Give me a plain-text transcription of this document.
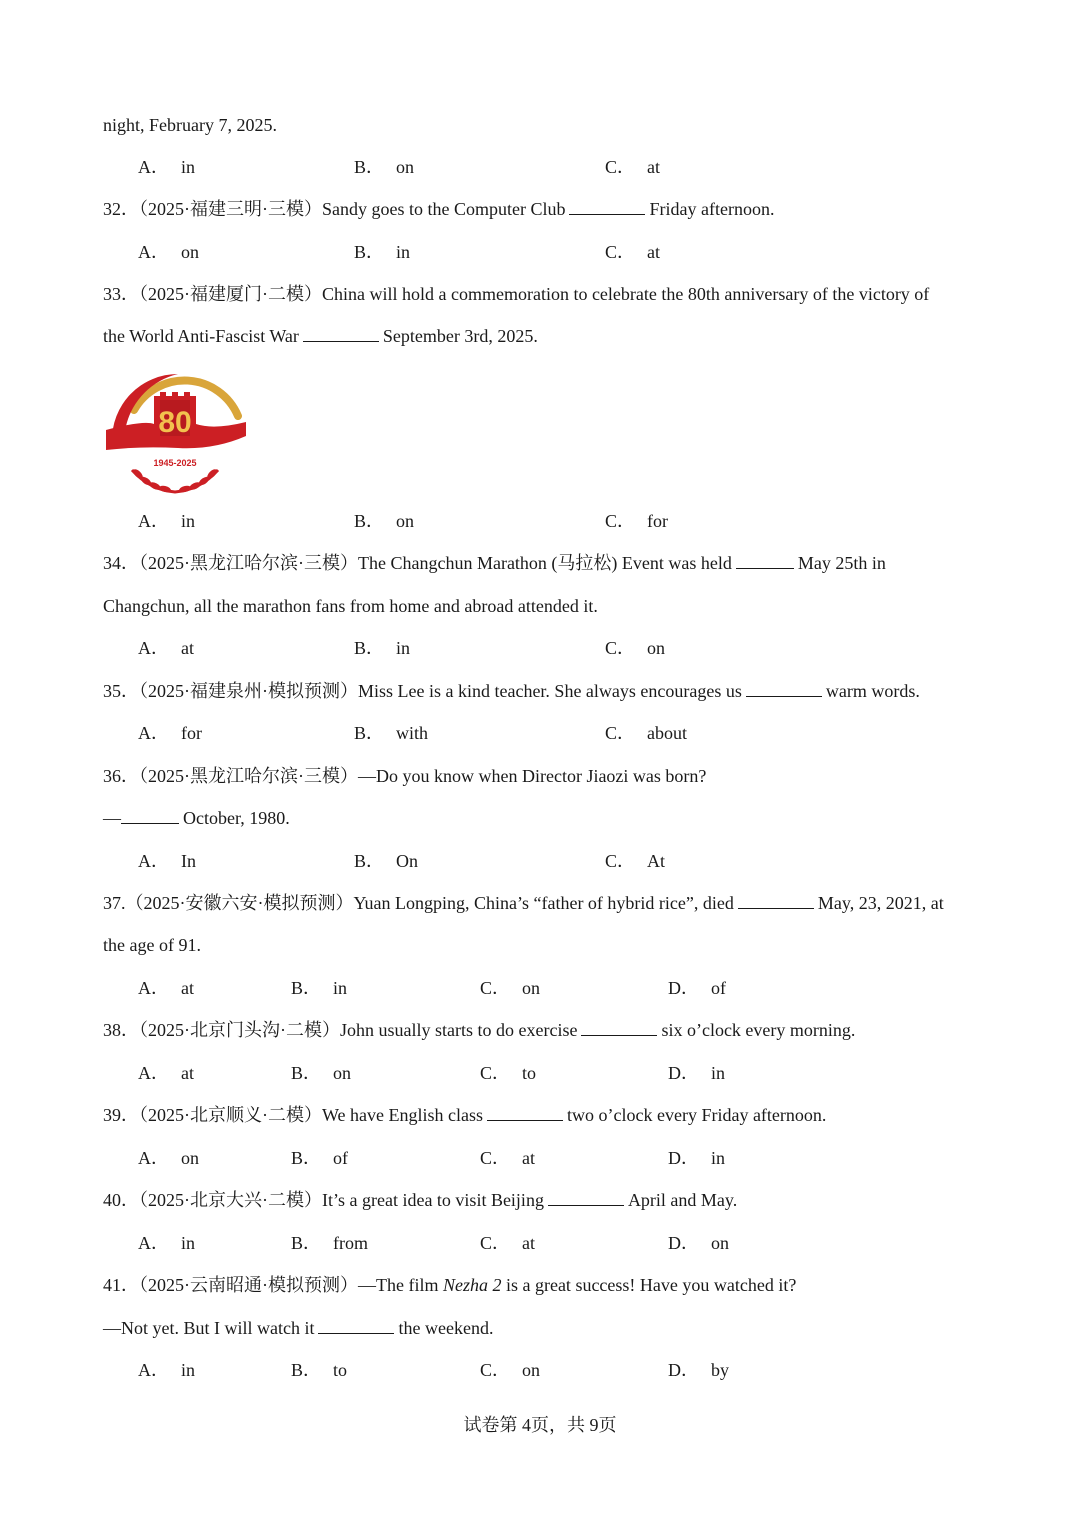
night, February 7, 2025.
A． in	B． on	C． at
32．（2025·福建三明·三模）Sandy goes to the Computer Club	Friday afternoon.
A． on	B． in	C． at
33．（2025·福建厦门·二模）China will hold a commemoration to celebrate the 80th anniversary of the victory of
the World Anti-Fascist War	September 3rd, 2025.
80
1945-2025
A． in	B． on	C． for
34．（2025·黑龙江哈尔滨·三模）The Changchun Marathon (马拉松) Event was held	May 25th in
Changchun, all the marathon fans from home and abroad attended it.
A． at	B． in	C． on
35．（2025·福建泉州·模拟预测）Miss Lee is a kind teacher. She always encourages us	warm words.
A． for	B． with	C． about
36．（2025·黑龙江哈尔滨·三模）—Do you know when Director Jiaozi was born?
—	October, 1980.
A． In	B． On	C． At
37.（2025·安徽六安·模拟预测）Yuan Longping, China’s “father of hybrid rice”, died	May, 23, 2021, at
the age of 91.
A． at	B． in	C． on	D． of
38．（2025·北京门头沟·二模）John usually starts to do exercise	six o’clock every morning.
A． at	B． on	C． to	D． in
39．（2025·北京顺义·二模）We have English class	two o’clock every Friday afternoon.
A． on	B． of	C． at	D． in
40．（2025·北京大兴·二模）It’s a great idea to visit Beijing	April and May.
A． in	B． from	C． at	D． on
41．（2025·云南昭通·模拟预测）—The film Nezha 2 is a great success! Have you watched it?
—Not yet. But I will watch it	the weekend.
A． in	B． to	C． on	D． by
试卷第 4页，共 9页
